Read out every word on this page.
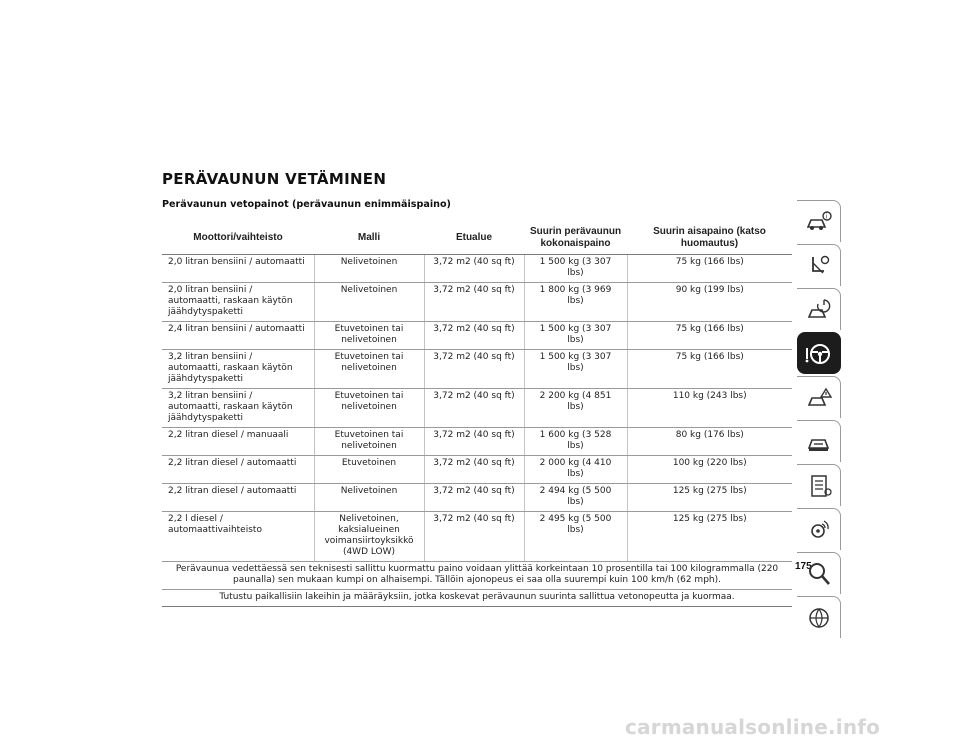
PERÄVAUNUN VETÄMINEN
Perävaunun vetopainot (perävaunun enimmäispaino)
Moottori/vaihteisto	Malli	Etualue	Suurin perävaunun kokonaispaino	Suurin aisapaino (katso huomautus)
2,0 litran bensiini / automaatti	Nelivetoinen	3,72 m2 (40 sq ft)	1 500 kg (3 307 lbs)	75 kg (166 lbs)
2,0 litran bensiini / automaatti, raskaan käytön jäähdytyspaketti	Nelivetoinen	3,72 m2 (40 sq ft)	1 800 kg (3 969 lbs)	90 kg (199 lbs)
2,4 litran bensiini / automaatti	Etuvetoinen tai nelivetoinen	3,72 m2 (40 sq ft)	1 500 kg (3 307 lbs)	75 kg (166 lbs)
3,2 litran bensiini / automaatti, raskaan käytön jäähdytyspaketti	Etuvetoinen tai nelivetoinen	3,72 m2 (40 sq ft)	1 500 kg (3 307 lbs)	75 kg (166 lbs)
3,2 litran bensiini / automaatti, raskaan käytön jäähdytyspaketti	Etuvetoinen tai nelivetoinen	3,72 m2 (40 sq ft)	2 200 kg (4 851 lbs)	110 kg (243 lbs)
2,2 litran diesel / manuaali	Etuvetoinen tai nelivetoinen	3,72 m2 (40 sq ft)	1 600 kg (3 528 lbs)	80 kg (176 lbs)
2,2 litran diesel / automaatti	Etuvetoinen	3,72 m2 (40 sq ft)	2 000 kg (4 410 lbs)	100 kg (220 lbs)
2,2 litran diesel / automaatti	Nelivetoinen	3,72 m2 (40 sq ft)	2 494 kg (5 500 lbs)	125 kg (275 lbs)
2,2 l diesel / automaattivaihteisto	Nelivetoinen, kaksialueinen voimansiirtoyksikkö (4WD LOW)	3,72 m2 (40 sq ft)	2 495 kg (5 500 lbs)	125 kg (275 lbs)
Perävaunua vedettäessä sen teknisesti sallittu kuormattu paino voidaan ylittää korkeintaan 10 prosentilla tai 100 kilogrammalla (220 paunalla) sen mukaan kumpi on alhaisempi. Tällöin ajonopeus ei saa olla suurempi kuin 100 km/h (62 mph).				
Tutustu paikallisiin lakeihin ja määräyksiin, jotka koskevat perävaunun suurinta sallittua vetonopeutta ja kuormaa.				
175
i
carmanualsonline.info
